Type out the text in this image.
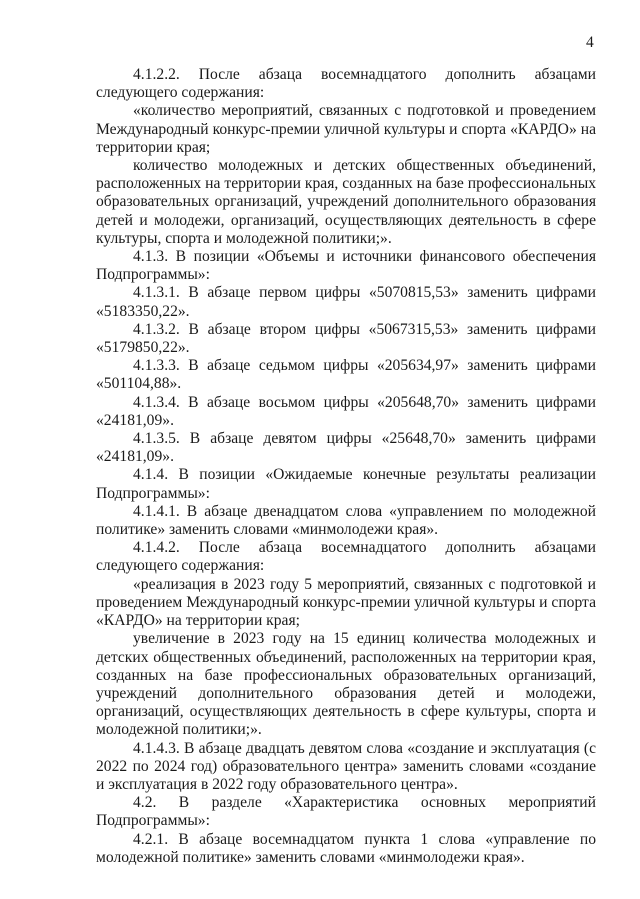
4

4.1.2.2. После абзаца восемнадцатого дополнить абзацами следующего содержания:

«количество мероприятий, связанных с подготовкой и проведением Международный конкурс-премии уличной культуры и спорта «КАРДО» на территории края;

количество молодежных и детских общественных объединений, расположенных на территории края, созданных на базе профессиональных образовательных организаций, учреждений дополнительного образования детей и молодежи, организаций, осуществляющих деятельность в сфере культуры, спорта и молодежной политики;».

4.1.3. В позиции «Объемы и источники финансового обеспечения Подпрограммы»:

4.1.3.1. В абзаце первом цифры «5070815,53» заменить цифрами «5183350,22».

4.1.3.2. В абзаце втором цифры «5067315,53» заменить цифрами «5179850,22».

4.1.3.3. В абзаце седьмом цифры «205634,97» заменить цифрами «501104,88».

4.1.3.4. В абзаце восьмом цифры «205648,70» заменить цифрами «24181,09».

4.1.3.5. В абзаце девятом цифры «25648,70» заменить цифрами «24181,09».

4.1.4. В позиции «Ожидаемые конечные результаты реализации Подпрограммы»:

4.1.4.1. В абзаце двенадцатом слова «управлением по молодежной политике» заменить словами «минмолодежи края».

4.1.4.2. После абзаца восемнадцатого дополнить абзацами следующего содержания:

«реализация в 2023 году 5 мероприятий, связанных с подготовкой и проведением Международный конкурс-премии уличной культуры и спорта «КАРДО» на территории края;

увеличение в 2023 году на 15 единиц количества молодежных и детских общественных объединений, расположенных на территории края, созданных на базе профессиональных образовательных организаций, учреждений дополнительного образования детей и молодежи, организаций, осуществляющих деятельность в сфере культуры, спорта и молодежной политики;».

4.1.4.3. В абзаце двадцать девятом слова «создание и эксплуатация (с 2022 по 2024 год) образовательного центра» заменить словами «создание и эксплуатация в 2022 году образовательного центра».

4.2. В разделе «Характеристика основных мероприятий Подпрограммы»:

4.2.1. В абзаце восемнадцатом пункта 1 слова «управление по молодежной политике» заменить словами «минмолодежи края».
